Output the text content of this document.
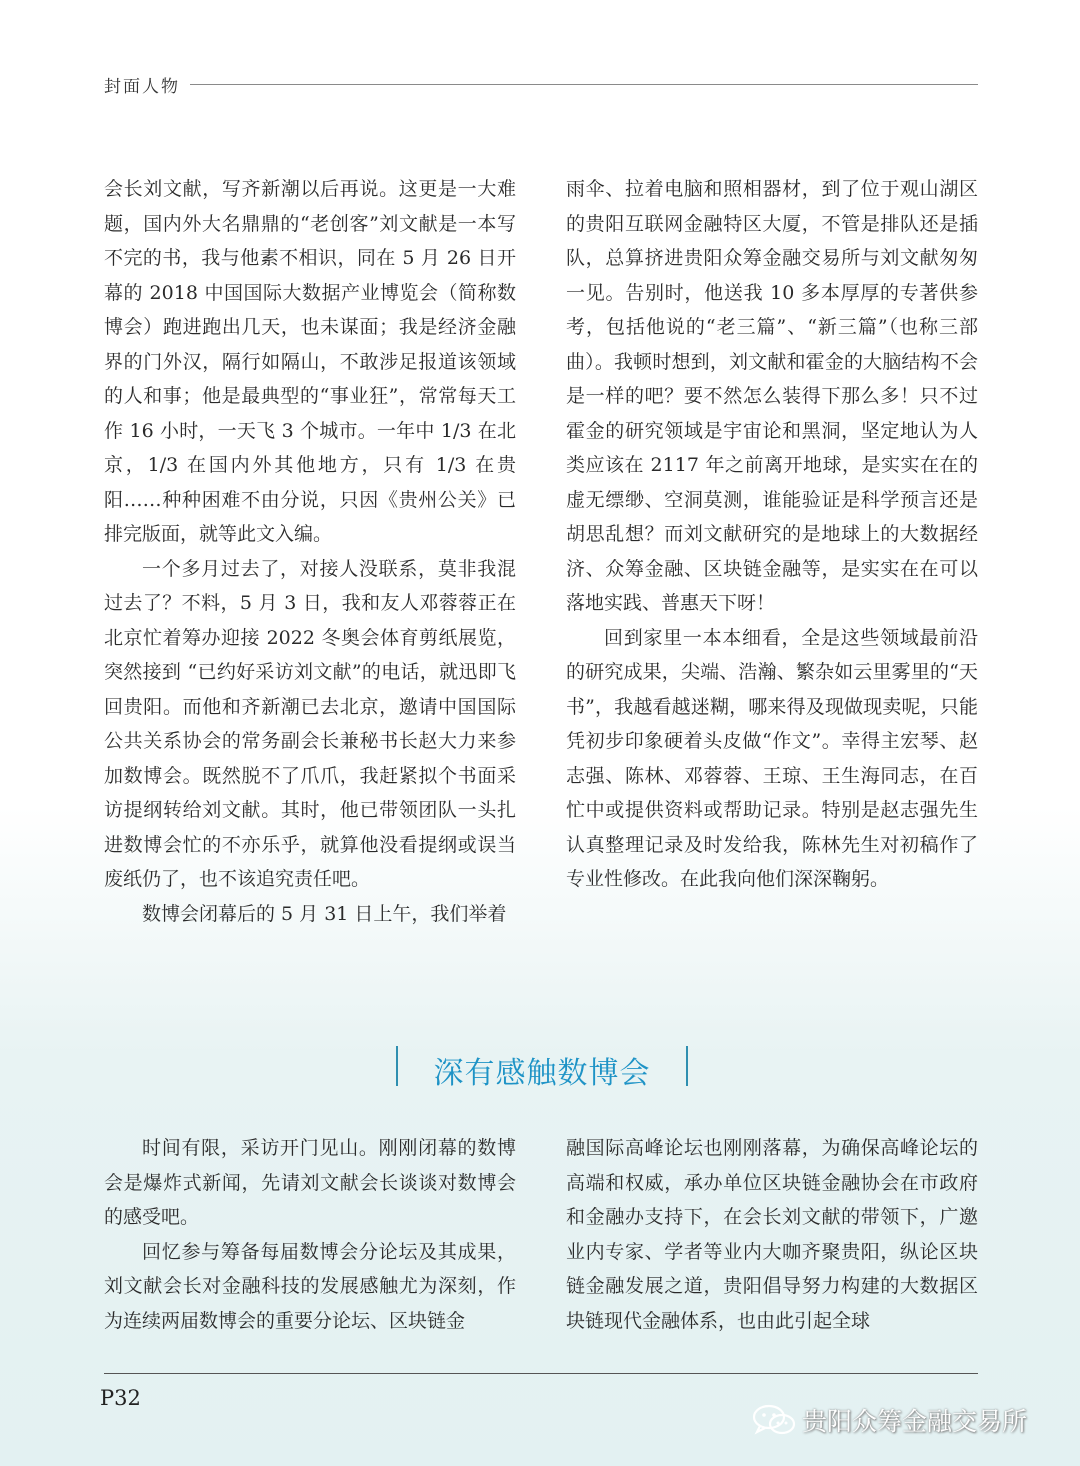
封面人物

会长刘文献，写齐新潮以后再说。这更是一大难题，国内外大名鼎鼎的“老创客”刘文献是一本写不完的书，我与他素不相识，同在 5 月 26 日开幕的 2018 中国国际大数据产业博览会（简称数博会）跑进跑出几天，也未谋面；我是经济金融界的门外汉，隔行如隔山，不敢涉足报道该领域的人和事；他是最典型的“事业狂”，常常每天工作 16 小时，一天飞 3 个城市。一年中 1/3 在北京，1/3 在国内外其他地方，只有 1/3 在贵阳……种种困难不由分说，只因《贵州公关》已排完版面，就等此文入编。

一个多月过去了，对接人没联系，莫非我混过去了？不料，5 月 3 日，我和友人邓蓉蓉正在北京忙着筹办迎接 2022 冬奥会体育剪纸展览，突然接到 “已约好采访刘文献”的电话，就迅即飞回贵阳。而他和齐新潮已去北京，邀请中国国际公共关系协会的常务副会长兼秘书长赵大力来参加数博会。既然脱不了爪爪，我赶紧拟个书面采访提纲转给刘文献。其时，他已带领团队一头扎进数博会忙的不亦乐乎，就算他没看提纲或误当废纸仍了，也不该追究责任吧。

数博会闭幕后的 5 月 31 日上午，我们举着

雨伞、拉着电脑和照相器材，到了位于观山湖区的贵阳互联网金融特区大厦，不管是排队还是插队，总算挤进贵阳众筹金融交易所与刘文献匆匆一见。告别时，他送我 10 多本厚厚的专著供参考，包括他说的“老三篇”、“新三篇”（也称三部曲）。我顿时想到，刘文献和霍金的大脑结构不会是一样的吧？要不然怎么装得下那么多！只不过霍金的研究领域是宇宙论和黑洞，坚定地认为人类应该在 2117 年之前离开地球，是实实在在的虚无缥缈、空洞莫测，谁能验证是科学预言还是胡思乱想？而刘文献研究的是地球上的大数据经济、众筹金融、区块链金融等，是实实在在可以落地实践、普惠天下呀！

回到家里一本本细看，全是这些领域最前沿的研究成果，尖端、浩瀚、繁杂如云里雾里的“天书”，我越看越迷糊，哪来得及现做现卖呢，只能凭初步印象硬着头皮做“作文”。幸得主宏琴、赵志强、陈林、邓蓉蓉、王琼、王生海同志，在百忙中或提供资料或帮助记录。特别是赵志强先生认真整理记录及时发给我，陈林先生对初稿作了专业性修改。在此我向他们深深鞠躬。

深有感触数博会

时间有限，采访开门见山。刚刚闭幕的数博会是爆炸式新闻，先请刘文献会长谈谈对数博会的感受吧。

回忆参与筹备每届数博会分论坛及其成果，刘文献会长对金融科技的发展感触尤为深刻，作为连续两届数博会的重要分论坛、区块链金

融国际高峰论坛也刚刚落幕，为确保高峰论坛的高端和权威，承办单位区块链金融协会在市政府和金融办支持下，在会长刘文献的带领下，广邀业内专家、学者等业内大咖齐聚贵阳，纵论区块链金融发展之道，贵阳倡导努力构建的大数据区块链现代金融体系，也由此引起全球

P32
贵阳众筹金融交易所
